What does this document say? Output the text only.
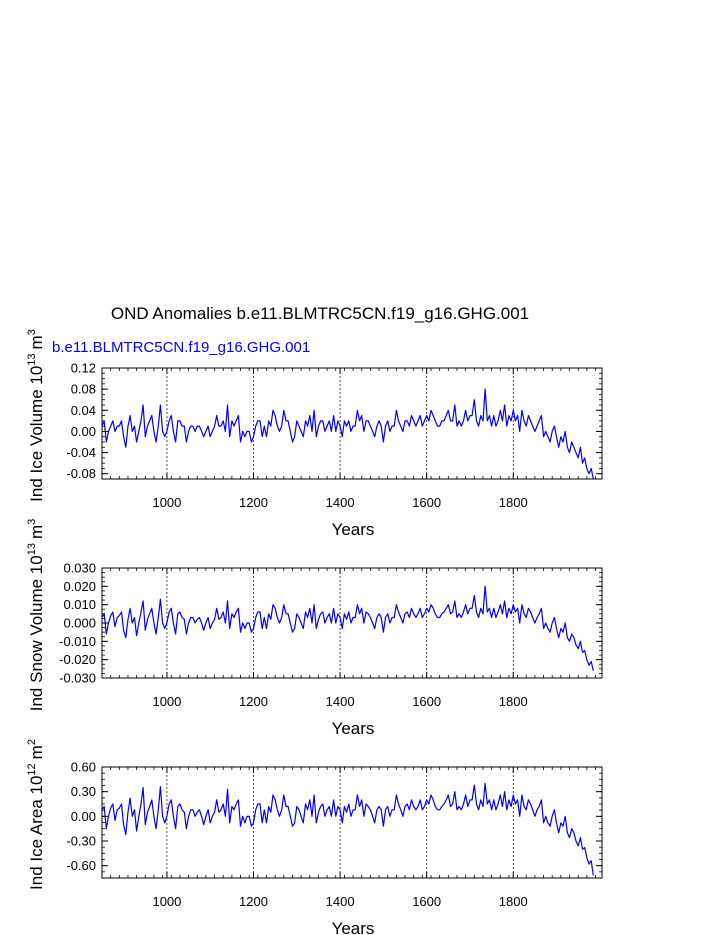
OND Anomalies b.e11.BLMTRC5CN.f19_g16.GHG.001
-0.08
-0.04
0.00
0.04
0.08
0.12
1000	1200	1400	1600	1800
Years
Ind Ice Volume $10^{13}m^3$
b.e11.BLMTRC5CN.f19_g16.GHG.001
-0.030
-0.020
-0.010
0.000
0.010
0.020
0.030
1000	1200	1400	1600	1800
Years
Ind Snow Volume $10^{13}m^3$
-0.60
-0.30
0.00
0.30
0.60
1000	1200	1400	1600	1800
Years
Ind Ice Area $10^{12}m^2$
